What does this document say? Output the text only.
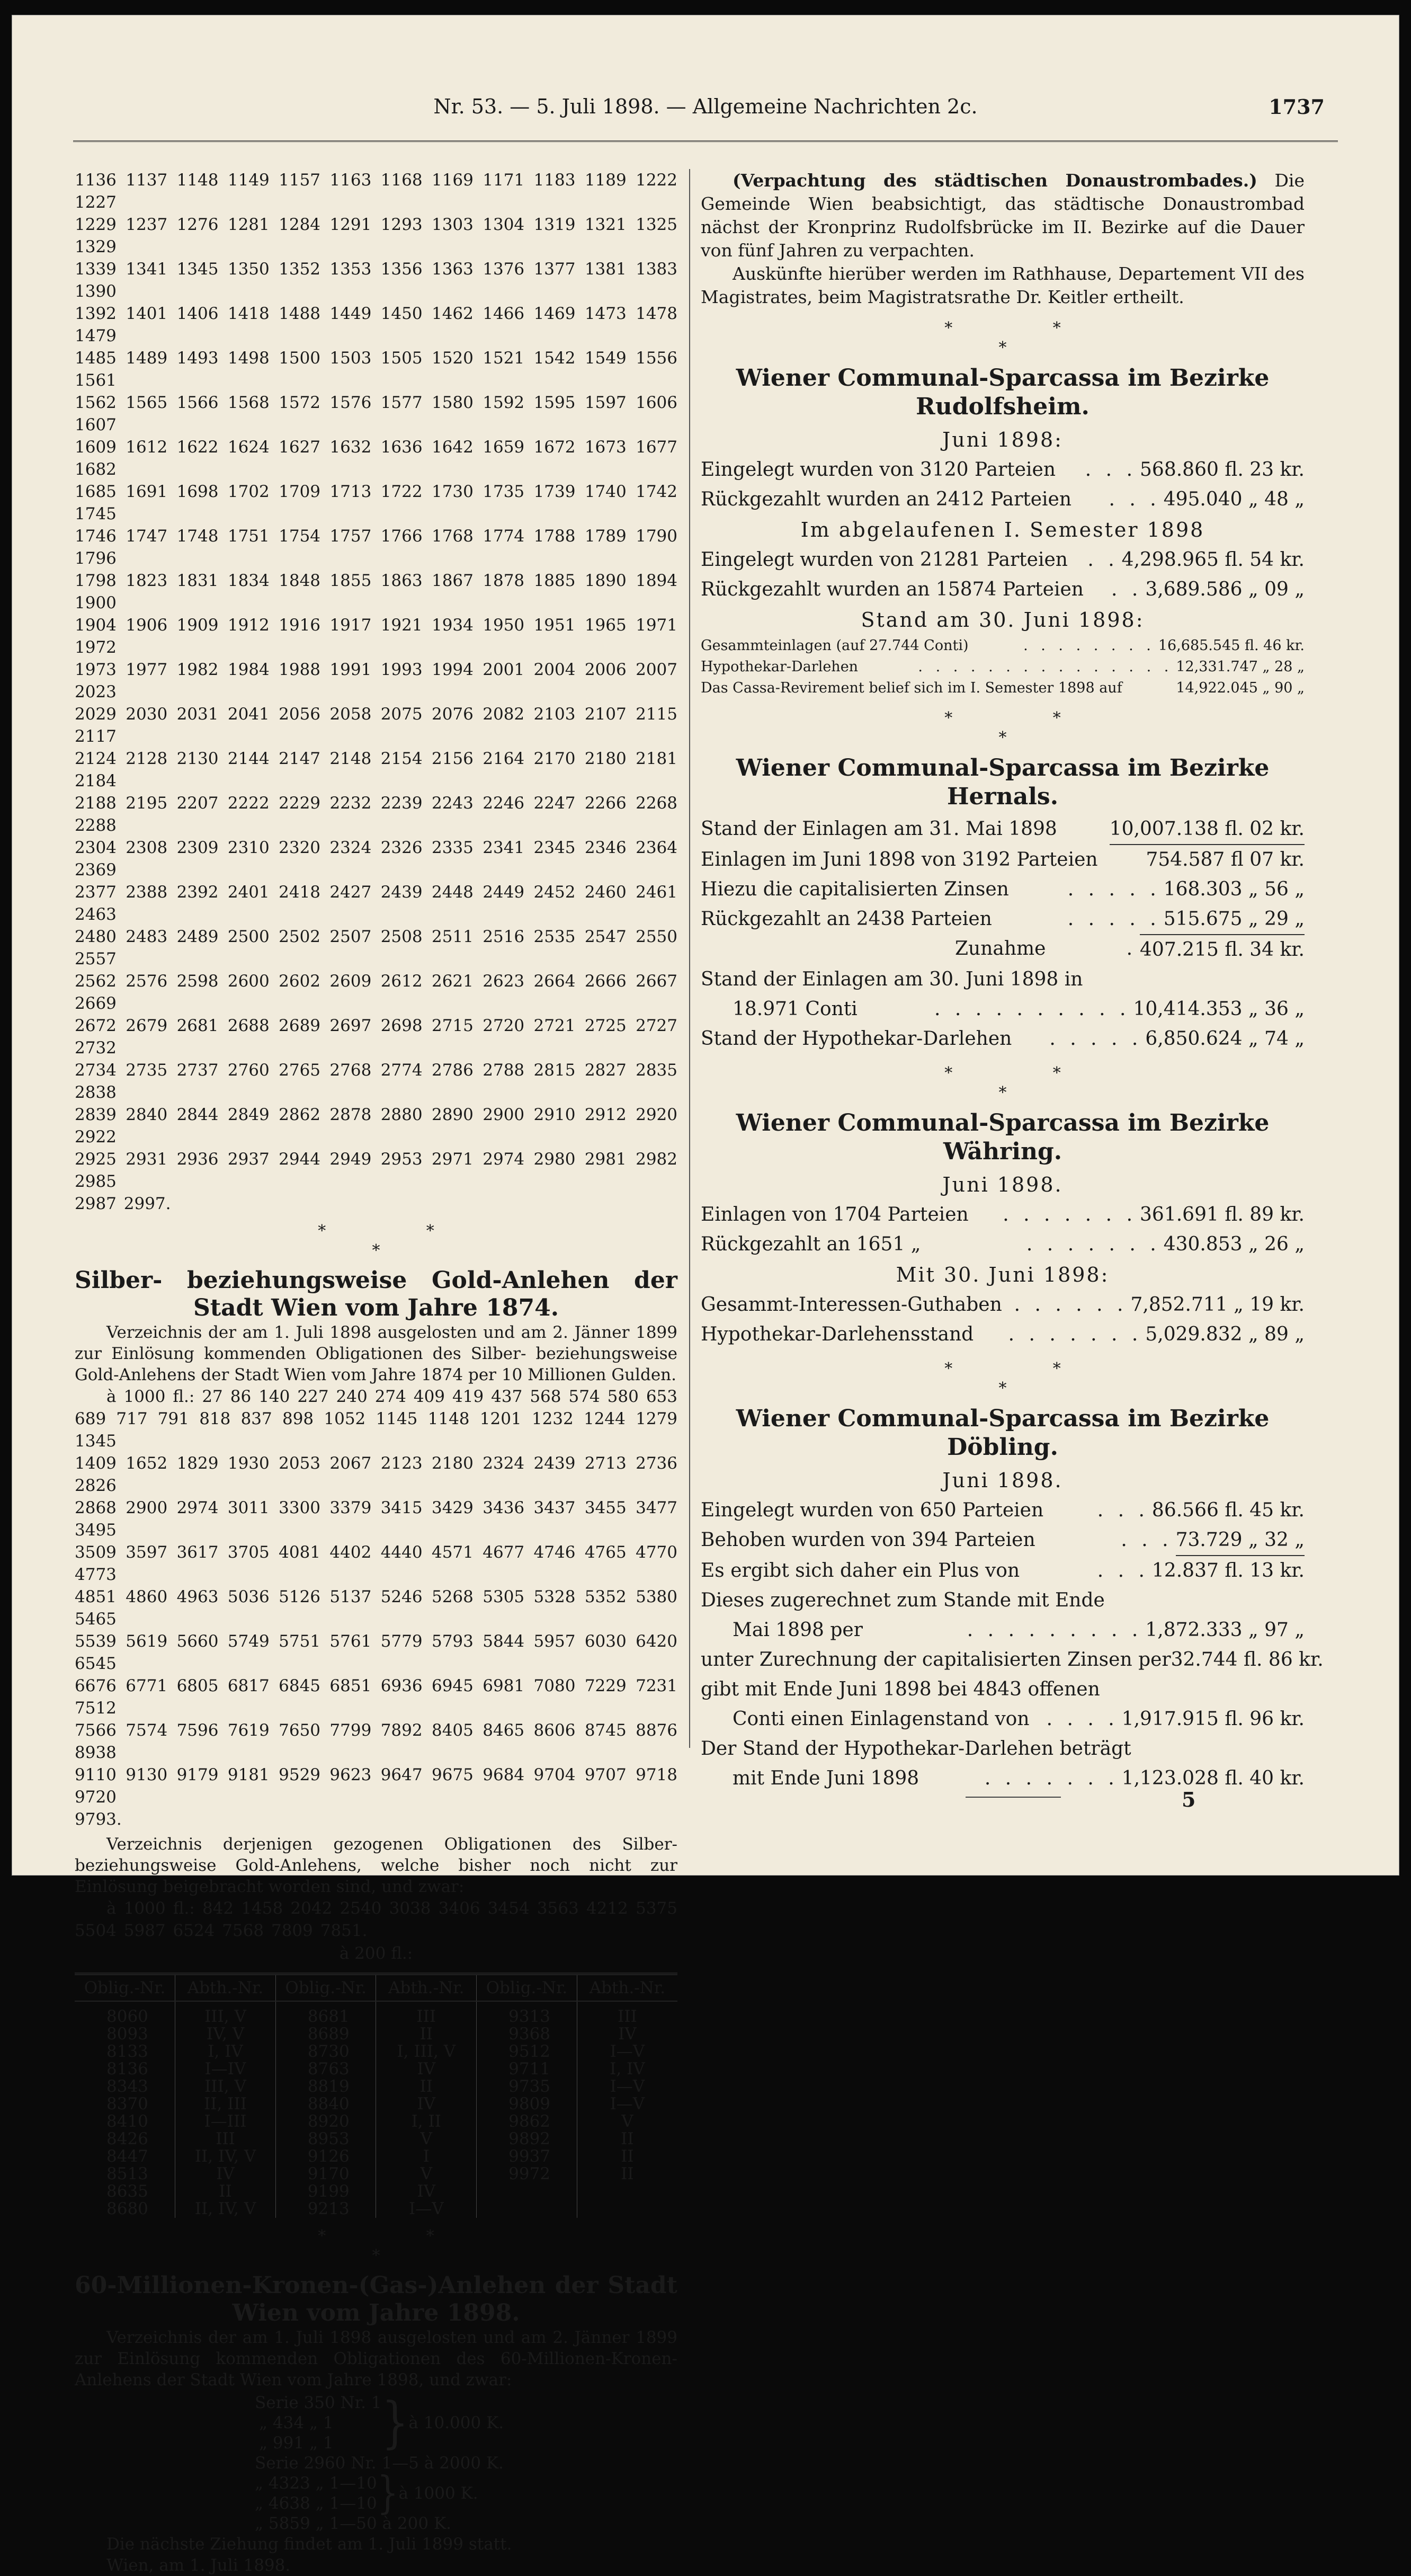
Nr. 53. — 5. Juli 1898. — Allgemeine Nachrichten 2c.	1737
1136 1137 1148 1149 1157 1163 1168 1169 1171 1183 1189 1222 1227
1229 1237 1276 1281 1284 1291 1293 1303 1304 1319 1321 1325 1329
1339 1341 1345 1350 1352 1353 1356 1363 1376 1377 1381 1383 1390
1392 1401 1406 1418 1488 1449 1450 1462 1466 1469 1473 1478 1479
1485 1489 1493 1498 1500 1503 1505 1520 1521 1542 1549 1556 1561
1562 1565 1566 1568 1572 1576 1577 1580 1592 1595 1597 1606 1607
1609 1612 1622 1624 1627 1632 1636 1642 1659 1672 1673 1677 1682
1685 1691 1698 1702 1709 1713 1722 1730 1735 1739 1740 1742 1745
1746 1747 1748 1751 1754 1757 1766 1768 1774 1788 1789 1790 1796
1798 1823 1831 1834 1848 1855 1863 1867 1878 1885 1890 1894 1900
1904 1906 1909 1912 1916 1917 1921 1934 1950 1951 1965 1971 1972
1973 1977 1982 1984 1988 1991 1993 1994 2001 2004 2006 2007 2023
2029 2030 2031 2041 2056 2058 2075 2076 2082 2103 2107 2115 2117
2124 2128 2130 2144 2147 2148 2154 2156 2164 2170 2180 2181 2184
2188 2195 2207 2222 2229 2232 2239 2243 2246 2247 2266 2268 2288
2304 2308 2309 2310 2320 2324 2326 2335 2341 2345 2346 2364 2369
2377 2388 2392 2401 2418 2427 2439 2448 2449 2452 2460 2461 2463
2480 2483 2489 2500 2502 2507 2508 2511 2516 2535 2547 2550 2557
2562 2576 2598 2600 2602 2609 2612 2621 2623 2664 2666 2667 2669
2672 2679 2681 2688 2689 2697 2698 2715 2720 2721 2725 2727 2732
2734 2735 2737 2760 2765 2768 2774 2786 2788 2815 2827 2835 2838
2839 2840 2844 2849 2862 2878 2880 2890 2900 2910 2912 2920 2922
2925 2931 2936 2937 2944 2949 2953 2971 2974 2980 2981 2982 2985
2987 2997.
* *
*
Silber- beziehungsweise Gold-Anlehen der Stadt Wien vom Jahre 1874.
Verzeichnis der am 1. Juli 1898 ausgelosten und am 2. Jänner 1899 zur Einlösung kommenden Obligationen des Silber- beziehungsweise Gold-Anlehens der Stadt Wien vom Jahre 1874 per 10 Millionen Gulden.
à 1000 fl.: 27 86 140 227 240 274 409 419 437 568 574 580 653
689 717 791 818 837 898 1052 1145 1148 1201 1232 1244 1279 1345
1409 1652 1829 1930 2053 2067 2123 2180 2324 2439 2713 2736 2826
2868 2900 2974 3011 3300 3379 3415 3429 3436 3437 3455 3477 3495
3509 3597 3617 3705 4081 4402 4440 4571 4677 4746 4765 4770 4773
4851 4860 4963 5036 5126 5137 5246 5268 5305 5328 5352 5380 5465
5539 5619 5660 5749 5751 5761 5779 5793 5844 5957 6030 6420 6545
6676 6771 6805 6817 6845 6851 6936 6945 6981 7080 7229 7231 7512
7566 7574 7596 7619 7650 7799 7892 8405 8465 8606 8745 8876 8938
9110 9130 9179 9181 9529 9623 9647 9675 9684 9704 9707 9718 9720
9793.
Verzeichnis derjenigen gezogenen Obligationen des Silber- beziehungsweise Gold-Anlehens, welche bisher noch nicht zur Einlösung beigebracht worden sind, und zwar:
à 1000 fl.: 842 1458 2042 2540 3038 3406 3454 3563 4212 5375
5504 5987 6524 7568 7809 7851.
à 200 fl.:
Oblig.-Nr.	Abth.-Nr.	Oblig.-Nr.	Abth.-Nr.	Oblig.-Nr.	Abth.-Nr.
8060	III, V	8681	III	9313	III
8093	IV, V	8689	II	9368	IV
8133	I, IV	8730	I, III, V	9512	I—V
8136	I—IV	8763	IV	9711	I, IV
8343	III, V	8819	II	9735	I—V
8370	II, III	8840	IV	9809	I—V
8410	I—III	8920	I, II	9862	V
8426	III	8953	V	9892	II
8447	II, IV, V	9126	I	9937	II
8513	IV	9170	V	9972	II
8635	II	9199	IV		
8680	II, IV, V	9213	I—V		
* *
*
60-Millionen-Kronen-(Gas-)Anlehen der Stadt Wien vom Jahre 1898.
Verzeichnis der am 1. Juli 1898 ausgelosten und am 2. Jänner 1899 zur Einlösung kommenden Obligationen des 60-Millionen-Kronen-Anlehens der Stadt Wien vom Jahre 1898, und zwar:
Serie 350 Nr. 1
„ 434 „ 1
„ 991 „ 1	} à 10.000 K.
Serie 2960 Nr. 1—5 à 2000 K.
„ 4323 „ 1—10
„ 4638 „ 1—10 } à 1000 K.
„ 5859 „ 1—50 à 200 K.
Die nächste Ziehung findet am 1. Juli 1899 statt.
Wien, am 1. Juli 1898.
(Verpachtung des städtischen Donaustrombades.) Die Gemeinde Wien beabsichtigt, das städtische Donaustrombad nächst der Kronprinz Rudolfsbrücke im II. Bezirke auf die Dauer von fünf Jahren zu verpachten.
Auskünfte hierüber werden im Rathhause, Departement VII des Magistrates, beim Magistratsrathe Dr. Keitler ertheilt.
* *
*
Wiener Communal-Sparcassa im Bezirke Rudolfsheim.
Juni 1898:
Eingelegt wurden von 3120 Parteien	. . . 568.860 fl. 23 kr.
Rückgezahlt wurden an 2412 Parteien	. . . 495.040 „ 48 „
Im abgelaufenen I. Semester 1898
Eingelegt wurden von 21281 Parteien	. . 4,298.965 fl. 54 kr.
Rückgezahlt wurden an 15874 Parteien	. . 3,689.586 „ 09 „
Stand am 30. Juni 1898:
Gesammteinlagen (auf 27.744 Conti)	. . . . . . . . 16,685.545 fl. 46 kr.
Hypothekar-Darlehen	. . . . . . . . . . . . . . . 12,331.747 „ 28 „
Das Cassa-Revirement belief sich im I. Semester 1898 auf	14,922.045 „ 90 „
* *
*
Wiener Communal-Sparcassa im Bezirke Hernals.
Stand der Einlagen am 31. Mai 1898	10,007.138 fl. 02 kr.
Einlagen im Juni 1898 von 3192 Parteien	754.587 fl 07 kr.
Hiezu die capitalisierten Zinsen	. . . . . 168.303 „ 56 „
Rückgezahlt an 2438 Parteien	. . . . . 515.675 „ 29 „
Zunahme	. 407.215 fl. 34 kr.
Stand der Einlagen am 30. Juni 1898 in
18.971 Conti	. . . . . . . . . . 10,414.353 „ 36 „
Stand der Hypothekar-Darlehen	. . . . . 6,850.624 „ 74 „
* *
*
Wiener Communal-Sparcassa im Bezirke Währing.
Juni 1898.
Einlagen von 1704 Parteien	. . . . . . . 361.691 fl. 89 kr.
Rückgezahlt an 1651 „	. . . . . . . 430.853 „ 26 „
Mit 30. Juni 1898:
Gesammt-Interessen-Guthaben . . . . . . 7,852.711 „ 19 kr.
Hypothekar-Darlehensstand	. . . . . . . 5,029.832 „ 89 „
* *
*
Wiener Communal-Sparcassa im Bezirke Döbling.
Juni 1898.
Eingelegt wurden von 650 Parteien	. . . 86.566 fl. 45 kr.
Behoben wurden von 394 Parteien	. . . 73.729 „ 32 „
Es ergibt sich daher ein Plus von	. . . 12.837 fl. 13 kr.
Dieses zugerechnet zum Stande mit Ende
Mai 1898 per	. . . . . . . . . 1,872.333 „ 97 „
unter Zurechnung der capitalisierten Zinsen per 32.744 fl. 86 kr.
gibt mit Ende Juni 1898 bei 4843 offenen
Conti einen Einlagenstand von . . . . 1,917.915 fl. 96 kr.
Der Stand der Hypothekar-Darlehen beträgt
mit Ende Juni 1898	. . . . . . . 1,123.028 fl. 40 kr.
5
